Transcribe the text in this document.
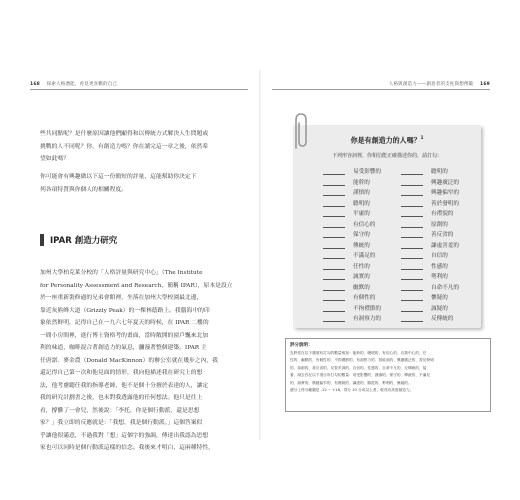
168 探索人格潛能，看見更喜歡的自己	人格與創造力——創意者的支柱與想像範 169
些共同點呢？是什麼原因讓他們顯得和以傳統方式解決人生問題或
挑戰的人不同呢？你，有創造力嗎？你在讀完這一章之後，依然希
望如此嗎？
你可能會有興趣做以下這一份簡短的評量，這能幫助你決定下
列各項特質與你個人的相關程度。
IPAR 創造力研究
加州大學柏克萊分校的「人格評量與研究中心」（The Institute
for Personality Assessment and Research，簡稱 IPAR），原本是設立
於一座重新裝修過的兄弟會館裡，坐落在加州大學校園最北邊，
靠近灰熊峰大道（Grizzly Peak）的一棵林蔭路上。我腦海中的印
象依然鮮明，記得自己在一九六七年夏天的時候，在 IPAR 二樓的
一間小房間裡，進行博士資格考的畫面，當時敞開的窗戶飄來北加
利的味道，咖啡混合著創造力的氣息，瀰漫著整個建築，IPAR 主
任唐諾．麥金農（Donald MacKinnon）的辦公室就在幾步之內，我
還記得自己第一次和他見面的情形，我向他描述我在研究上的想
法，他考慮聽任我的指導老師，他不是個十分擅於表達的人，讓定
我的研究計劃書之後，也未對我透露他的任何想法。他只是往上
看，撐髒了一會兒，然後說：「李托，你是個行動派，還是思想
家？」我立即的反應就是：「我想，我是個行動派。」這個答案似
乎讓他很滿意，不過我對「想」這個字的強調，傳達出我認為思想
家也可以同時是個行動派這樣的信念。我後來才明白，這兩種特性，
你是有創造力的人嗎？$^1$
下列形容詞裡，你相信能正確描述你的，請打勾：
易受影響的
能幹的
謹慎的
聰明的
平庸的
有信心的
保守的
傳統的
不滿足的
任性的
誠實的
幽默的
有個性的
不拘禮節的
有洞察力的
聰明的
興趣廣泛的
興趣偏窄的
善於發明的
有禮貌的
原創的
善反省的
謙虛害羞的
自信的
性感的
勢利的
自命不凡的
懷疑的
誠疑的
反傳統的
評分說明：
先將你在以下選項有打勾的數量相加：能幹的、聰明的、有信心的、自我中心的、任
性的、幽默的、有個性的、不拘禮節的、有洞察力的、智能高的、興趣廣泛的、善於發明
的、原創的、善反省的、足智多謀的、自信的、性感的、自命不凡的、反傳統的，接
著，減去你在以下項目所打勾的數量：易受影響的、謹慎的、保守的、傳統的、不滿足
的、誠實的、興趣偏窄的、有禮貌的、謙虛的、順從的、勢利的、懷疑的。
總分上得分範圍是 -12 ~ +18，得分 10 分或以上者，較具有高度創造力。
